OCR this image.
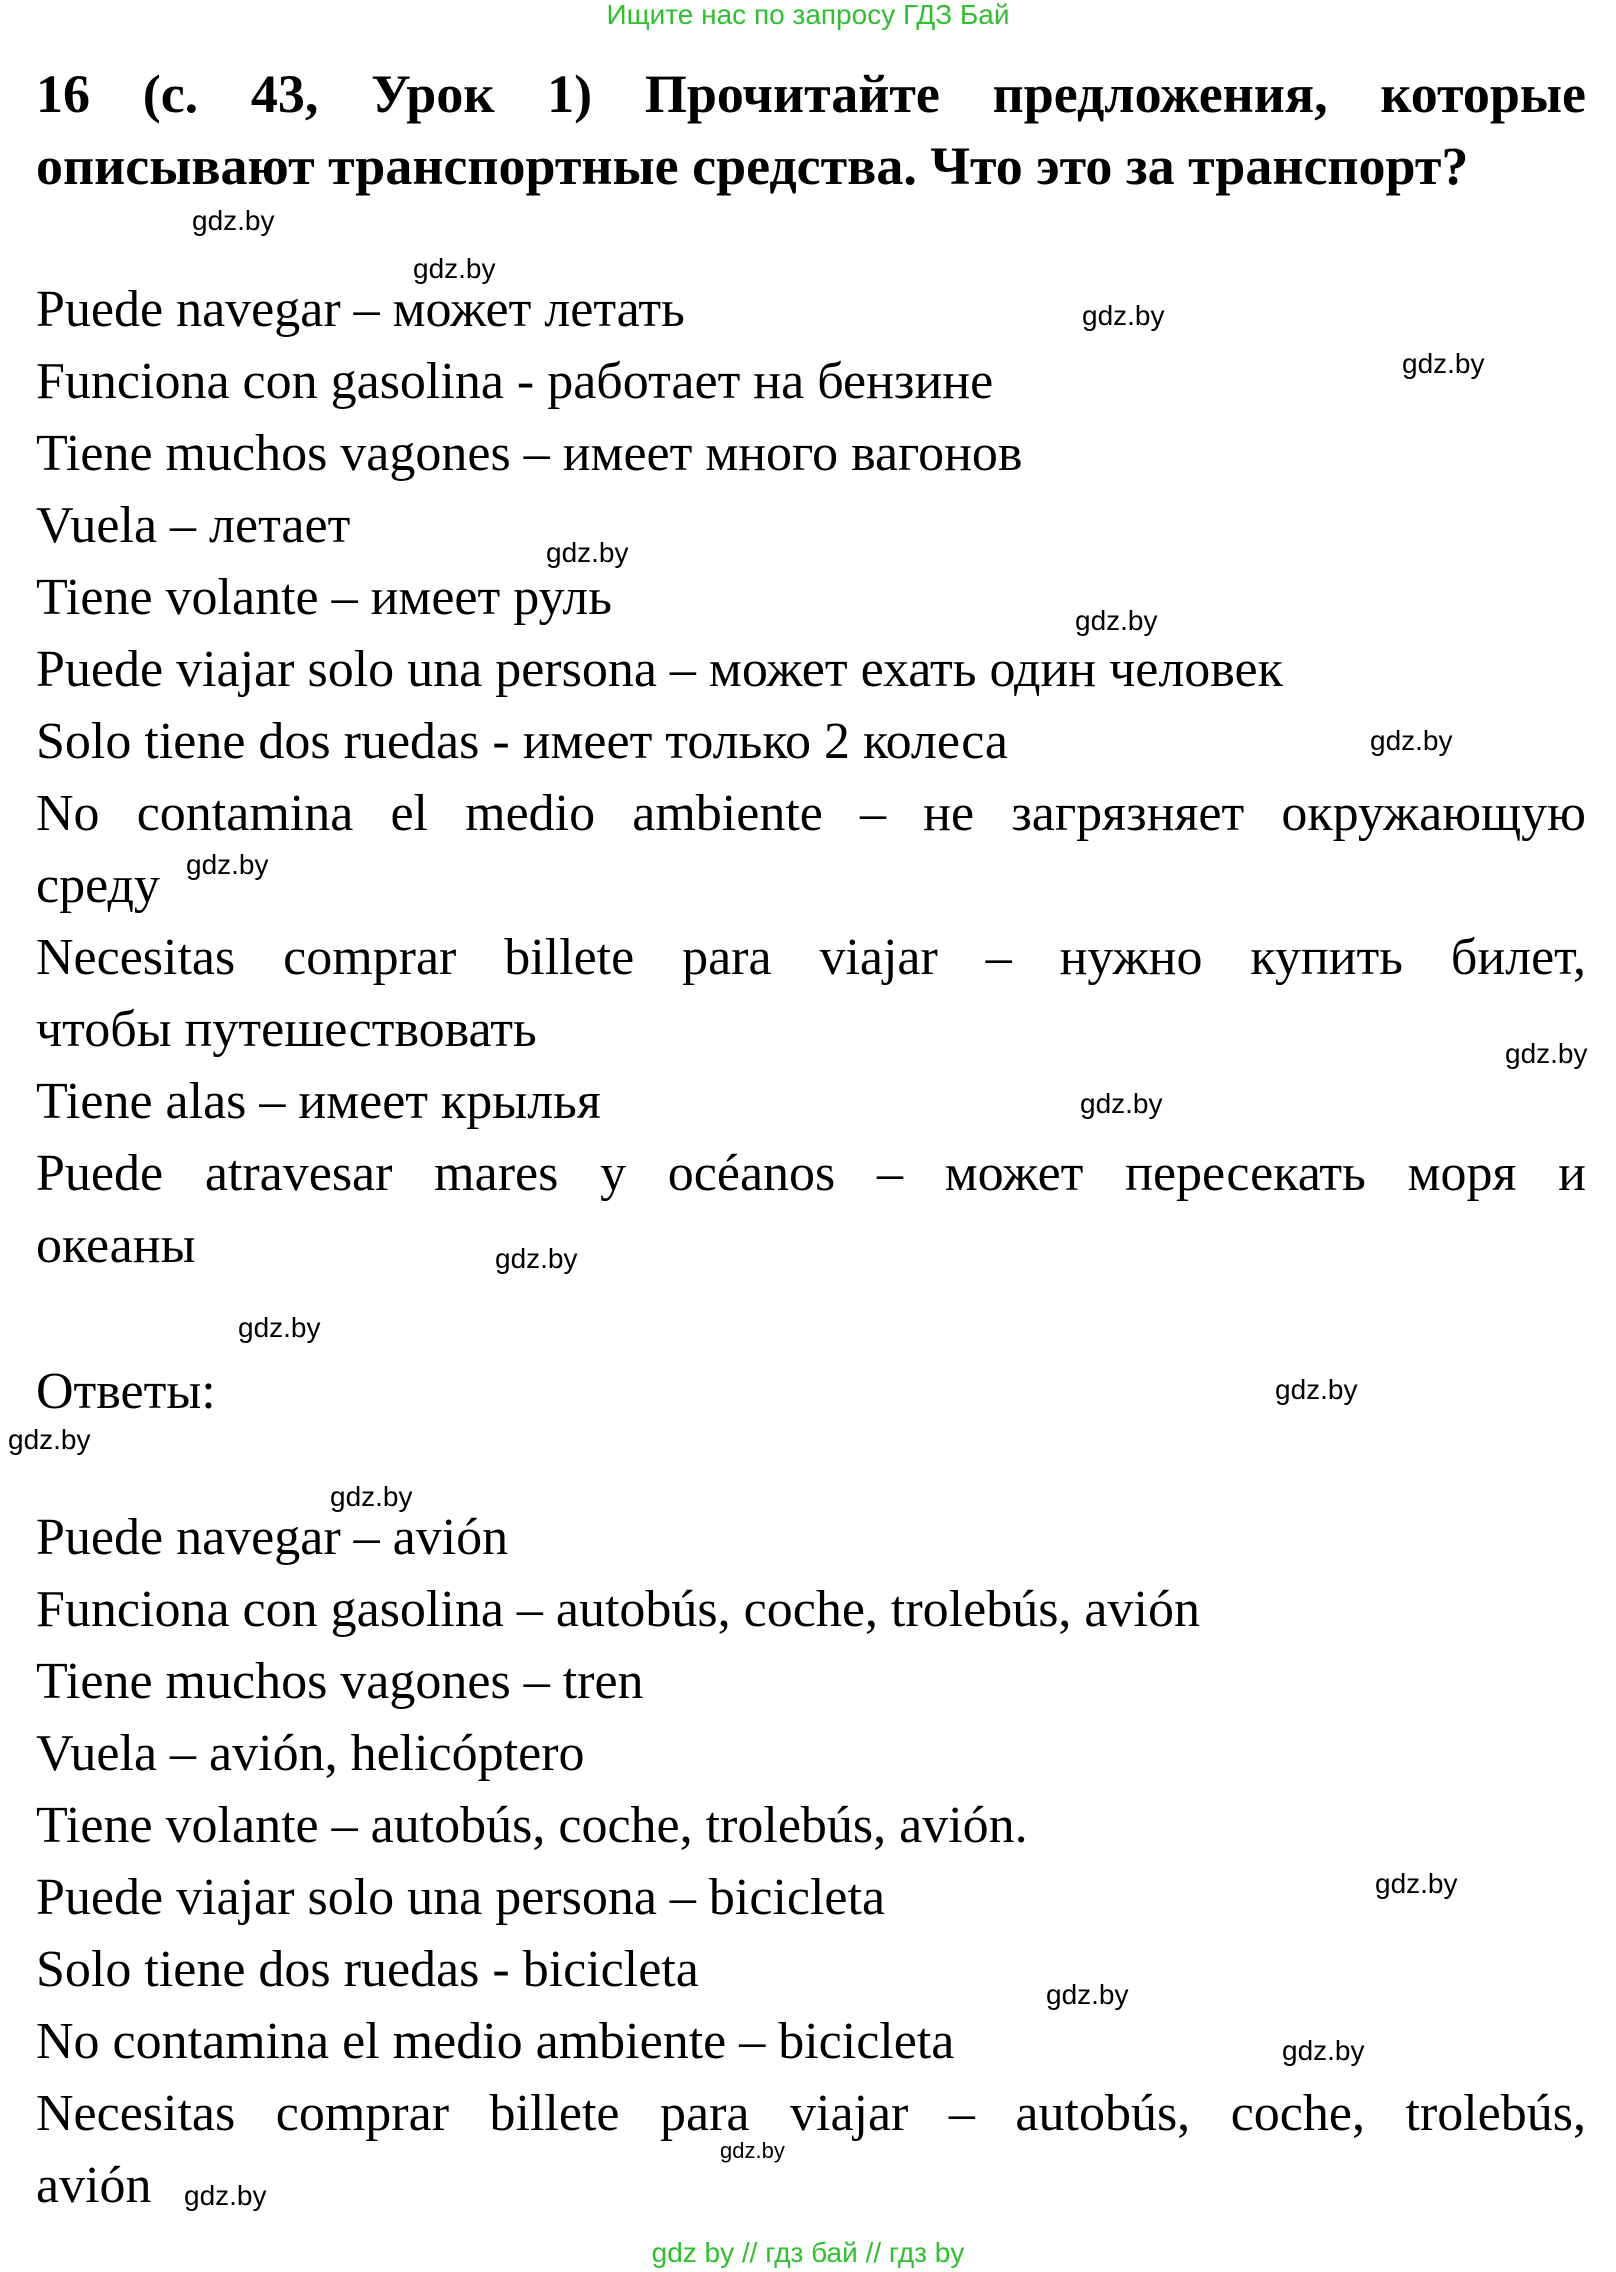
Ищите нас по запросу ГДЗ Бай
16 (с. 43, Урок 1) Прочитайте предложения, которые описывают транспортные средства. Что это за транспорт?
Puede navegar – может летать
Funciona con gasolina - работает на бензине
Tiene muchos vagones – имеет много вагонов
Vuela – летает
Tiene volante – имеет руль
Puede viajar solo una persona – может ехать один человек
Solo tiene dos ruedas - имеет только 2 колеса
No contamina el medio ambiente – не загрязняет окружающую
среду
Necesitas comprar billete para viajar – нужно купить билет,
чтобы путешествовать
Tiene alas – имеет крылья
Puede atravesar mares y océanos – может пересекать моря и
океаны
Ответы:
Puede navegar – avión
Funciona con gasolina – autobús, coche, trolebús, avión
Tiene muchos vagones – tren
Vuela – avión, helicóptero
Tiene volante – autobús, coche, trolebús, avión.
Puede viajar solo una persona – bicicleta
Solo tiene dos ruedas - bicicleta
No contamina el medio ambiente – bicicleta
Necesitas comprar billete para viajar – autobús, coche, trolebús,
avión
gdz.by
gdz.by
gdz.by
gdz.by
gdz.by
gdz.by
gdz.by
gdz.by
gdz.by
gdz.by
gdz.by
gdz.by
gdz.by
gdz.by
gdz.by
gdz.by
gdz.by
gdz.by
gdz.by
gdz.by
gdz by // гдз бай // гдз by
